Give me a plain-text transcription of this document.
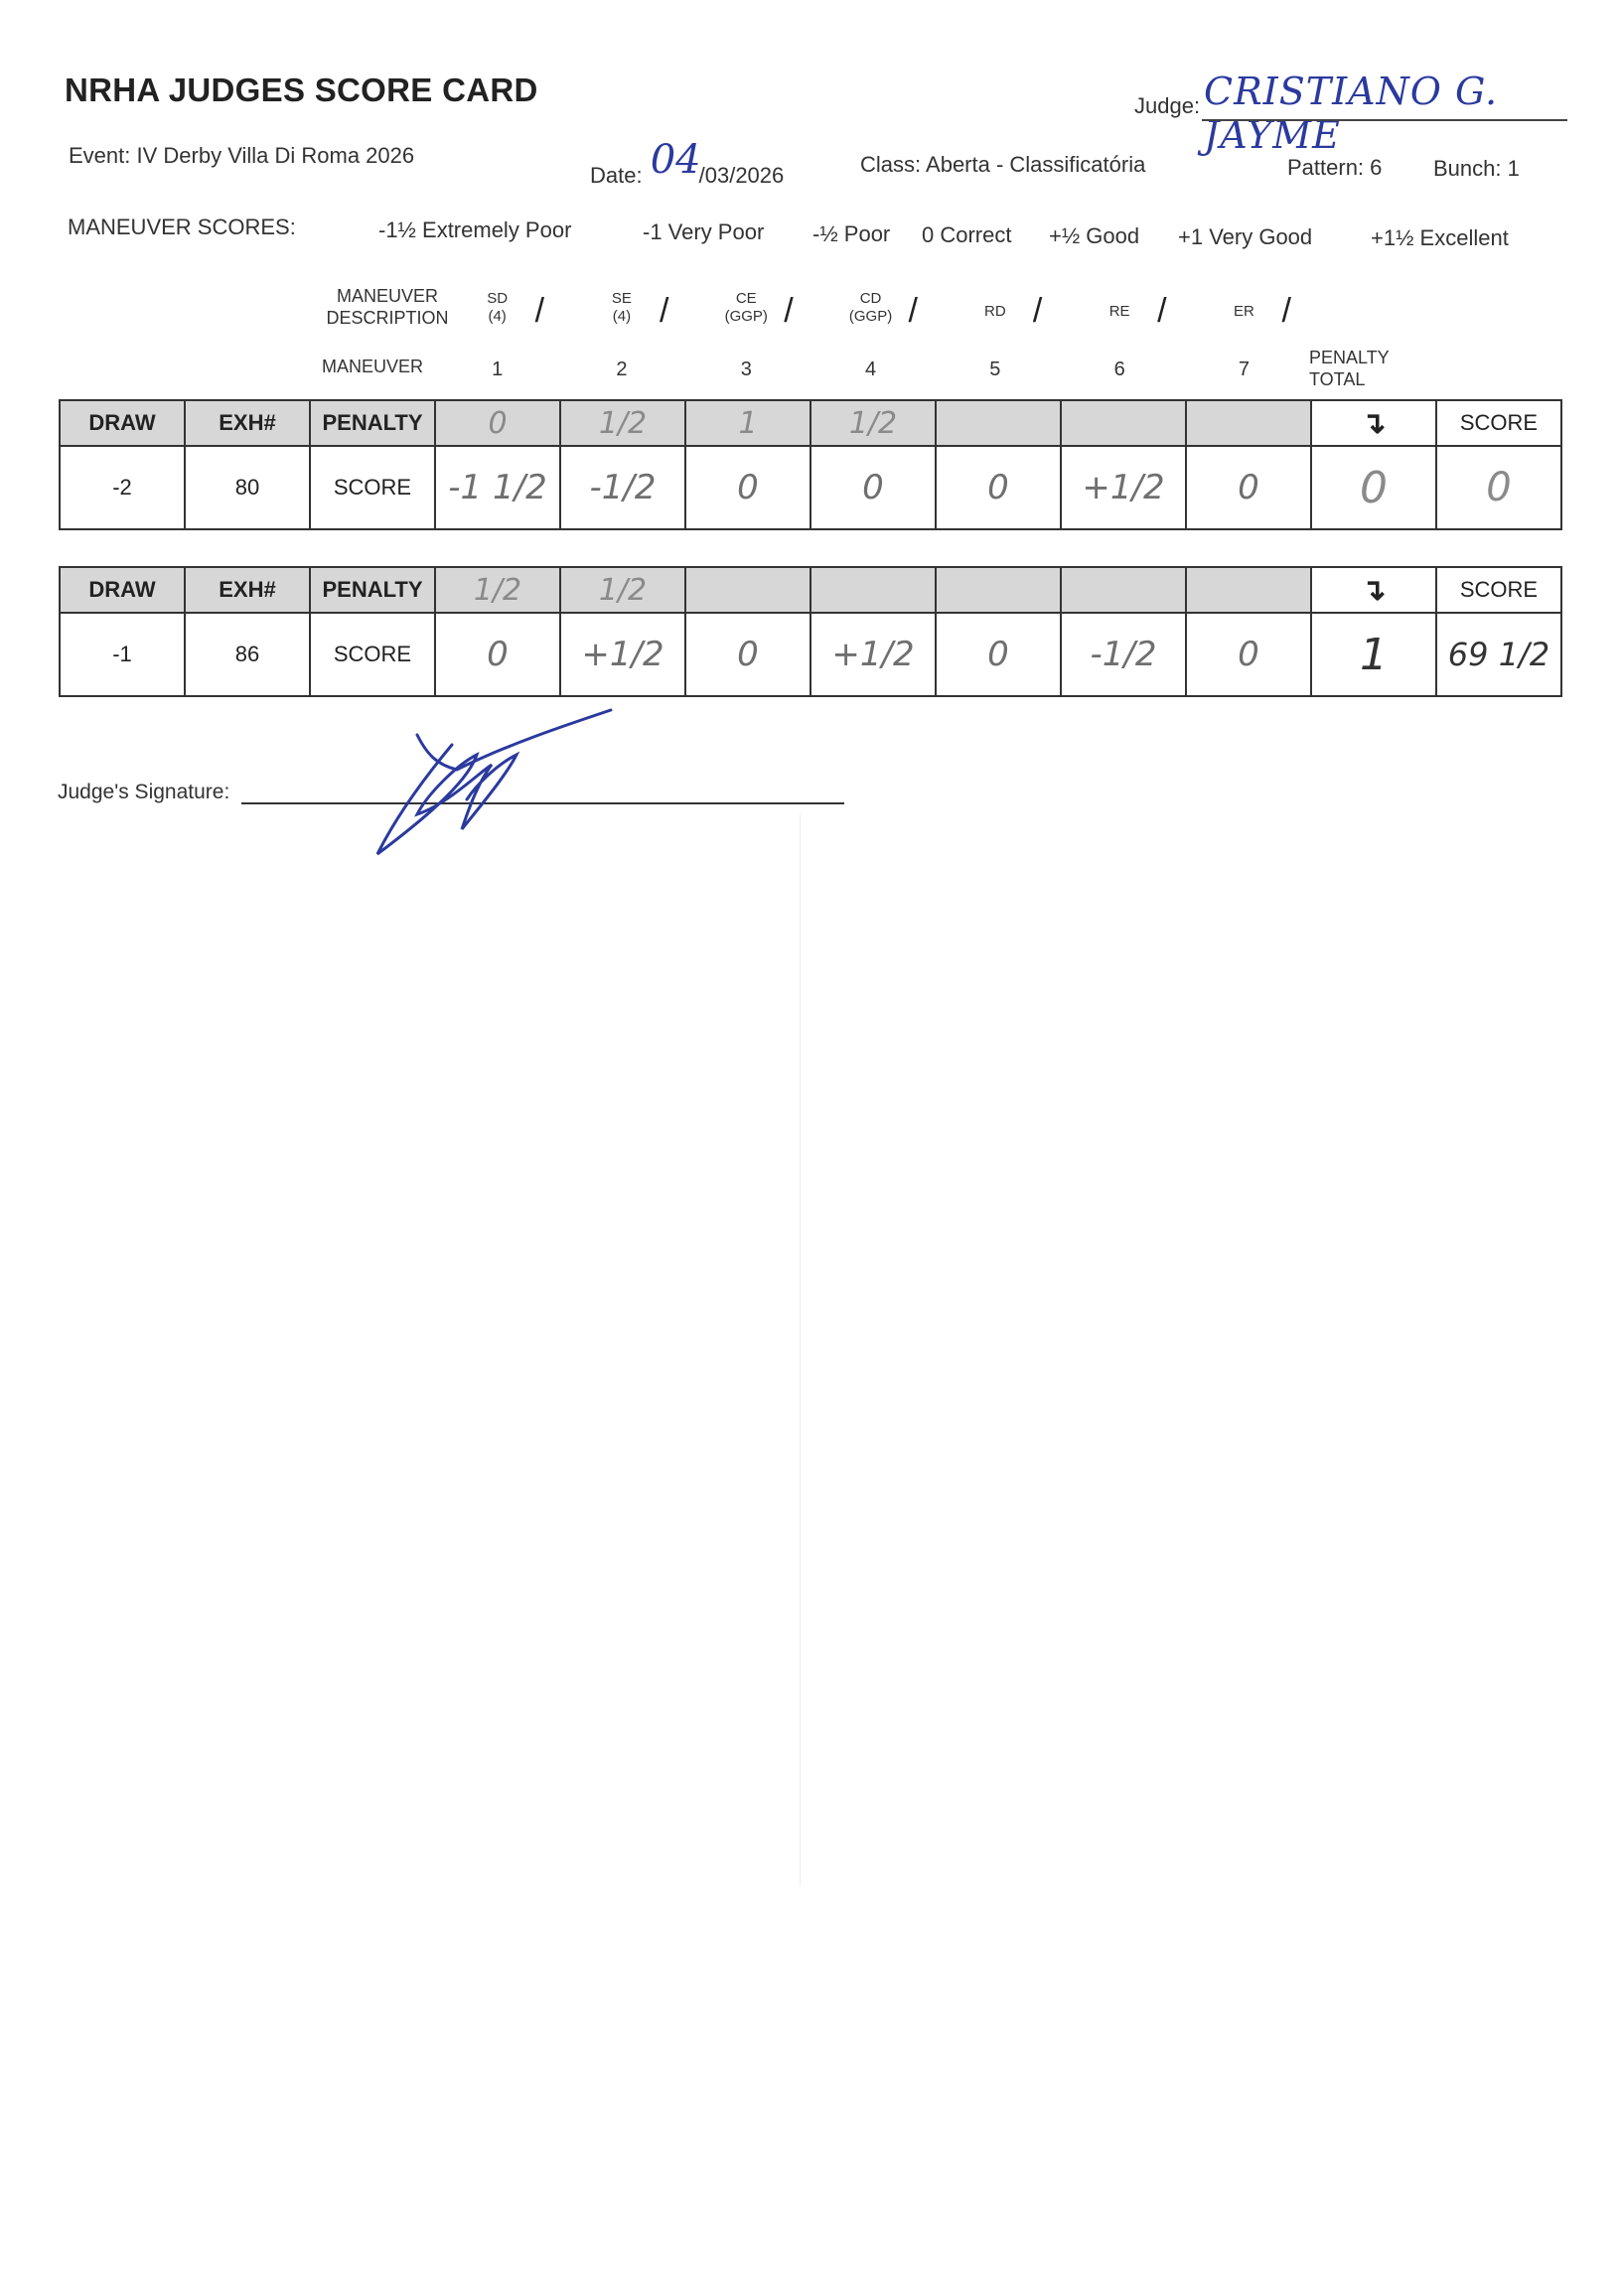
NRHA JUDGES SCORE CARD	Judge: CRISTIANO G. JAYME
Event: IV Derby Villa Di Roma 2026
Date: 04/03/2026	Class: Aberta - Classificatória	Pattern: 6 Bunch: 1
MANEUVER SCORES:	-1½ Extremely Poor	-1 Very Poor -½ Poor 0 Correct +½ Good +1 Very Good	+1½ Excellent
MANEUVER
DESCRIPTION
MANEUVER
SD
(4)
1
/	SE
(4)
2
/	CE
(GGP)
3
/	CD
(GGP)
4
/	RD
5
/	RE
6
/	ER
7
/
PENALTY
TOTAL
DRAW	EXH#	PENALTY	0	1/2	1	1/2				↴	SCORE
-2	80	SCORE	-1 1/2	-1/2	0	0	0	+1/2	0	0	0
DRAW	EXH#	PENALTY	1/2	1/2						↴	SCORE
-1	86	SCORE	0	+1/2	0	+1/2	0	-1/2	0	1	69 1/2
Judge's Signature:
